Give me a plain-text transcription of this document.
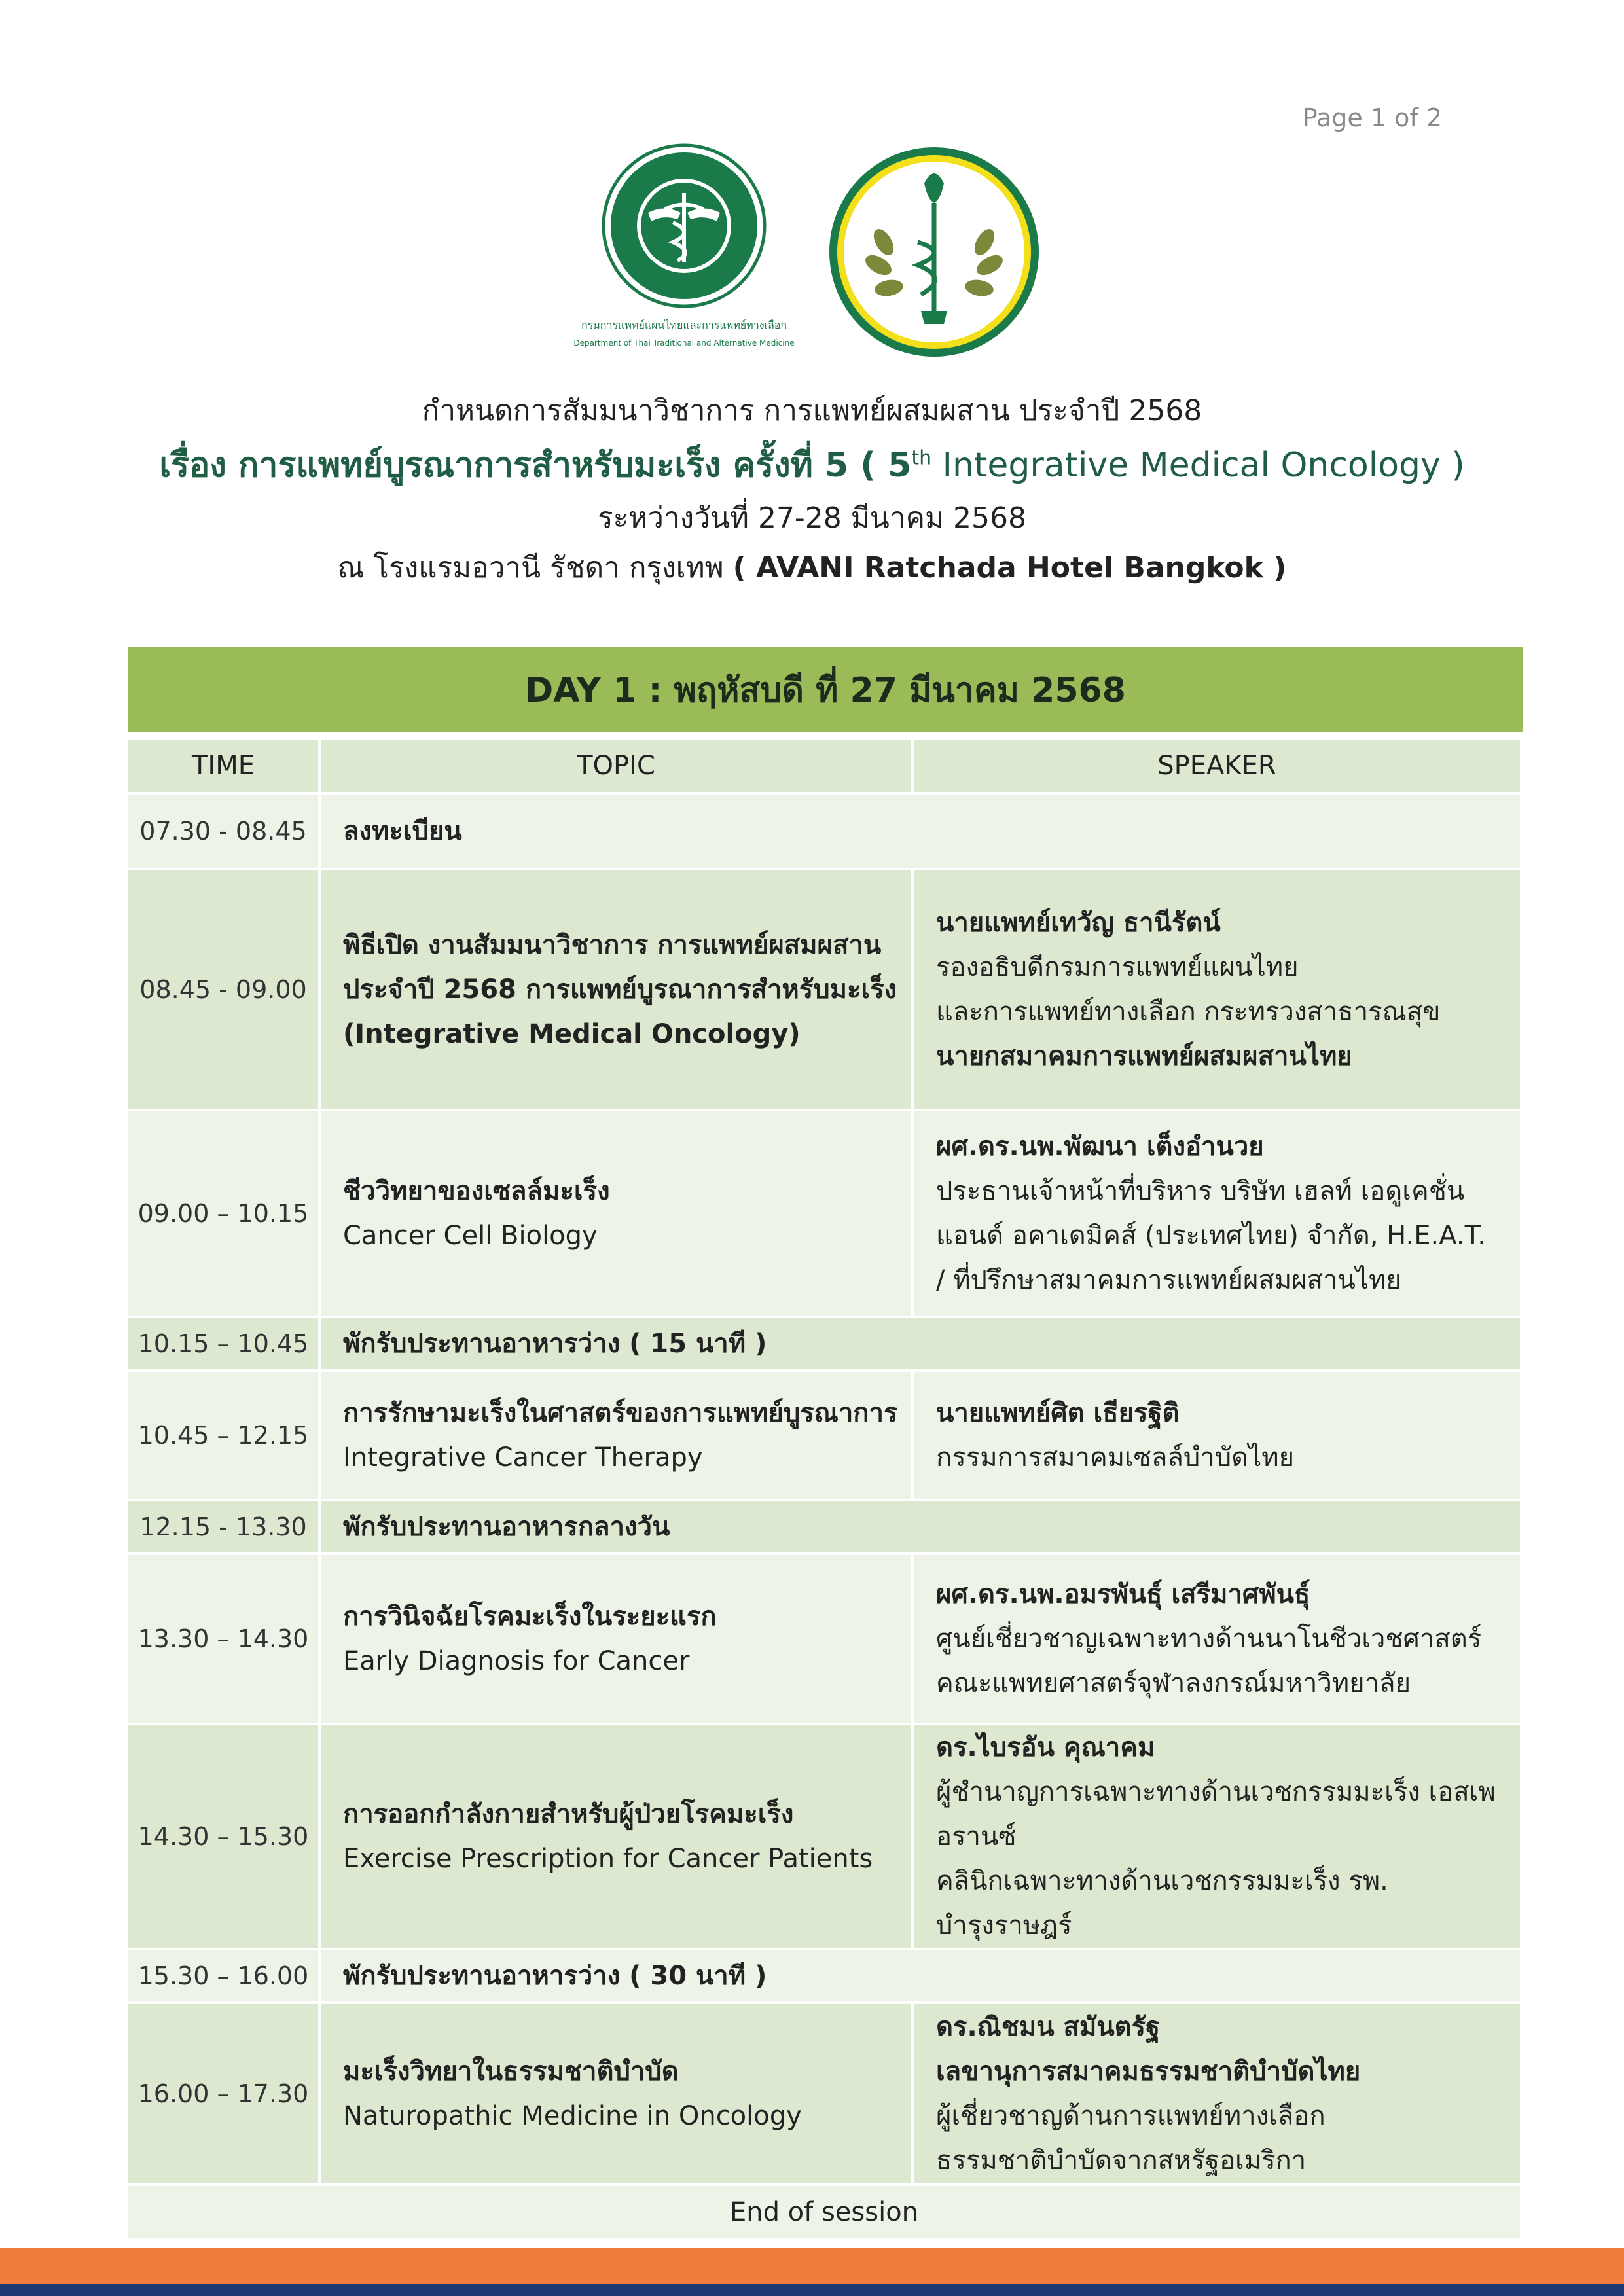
Page 1 of 2
กรมการแพทย์แผนไทยและการแพทย์ทางเลือก
Department of Thai Traditional and Alternative Medicine
กำหนดการสัมมนาวิชาการ การแพทย์ผสมผสาน ประจำปี 2568
เรื่อง การแพทย์บูรณาการสำหรับมะเร็ง ครั้งที่ 5 ( 5th Integrative Medical Oncology )
ระหว่างวันที่ 27-28 มีนาคม 2568
ณ โรงแรมอวานี รัชดา กรุงเทพ ( AVANI Ratchada Hotel Bangkok )
DAY 1 : พฤหัสบดี ที่ 27 มีนาคม 2568
TIME	TOPIC	SPEAKER
07.30 - 08.45	ลงทะเบียน	

08.45 - 09.00	พิธีเปิด งานสัมมนาวิชาการ การแพทย์ผสมผสาน
ประจำปี 2568 การแพทย์บูรณาการสำหรับมะเร็ง
(Integrative Medical Oncology)	นายแพทย์เทวัญ ธานีรัตน์
รองอธิบดีกรมการแพทย์แผนไทย
และการแพทย์ทางเลือก กระทรวงสาธารณสุข
นายกสมาคมการแพทย์ผสมผสานไทย

09.00 – 10.15	ชีววิทยาของเซลล์มะเร็ง
Cancer Cell Biology	ผศ.ดร.นพ.พัฒนา เต็งอำนวย
ประธานเจ้าหน้าที่บริหาร บริษัท เฮลท์ เอดูเคชั่น
แอนด์ อคาเดมิคส์ (ประเทศไทย) จำกัด, H.E.A.T.
/ ที่ปรึกษาสมาคมการแพทย์ผสมผสานไทย

10.15 – 10.45	พักรับประทานอาหารว่าง ( 15 นาที )	

10.45 – 12.15	การรักษามะเร็งในศาสตร์ของการแพทย์บูรณาการ
Integrative Cancer Therapy	นายแพทย์ศิต เธียรฐิติ
กรรมการสมาคมเซลล์บำบัดไทย

12.15 - 13.30	พักรับประทานอาหารกลางวัน	

13.30 – 14.30	การวินิจฉัยโรคมะเร็งในระยะแรก
Early Diagnosis for Cancer	ผศ.ดร.นพ.อมรพันธุ์ เสรีมาศพันธุ์
ศูนย์เชี่ยวชาญเฉพาะทางด้านนาโนชีวเวชศาสตร์
คณะแพทยศาสตร์จุฬาลงกรณ์มหาวิทยาลัย

14.30 – 15.30	การออกกำลังกายสำหรับผู้ป่วยโรคมะเร็ง
Exercise Prescription for Cancer Patients	ดร.ไบรอัน คุณาคม
ผู้ชำนาญการเฉพาะทางด้านเวชกรรมมะเร็ง เอสเพอรานซ์
คลินิกเฉพาะทางด้านเวชกรรมมะเร็ง รพ. บำรุงราษฎร์

15.30 – 16.00	พักรับประทานอาหารว่าง ( 30 นาที )	

16.00 – 17.30	มะเร็งวิทยาในธรรมชาติบำบัด
Naturopathic Medicine in Oncology	ดร.ณิชมน สมันตรัฐ
เลขานุการสมาคมธรรมชาติบำบัดไทย
ผู้เชี่ยวชาญด้านการแพทย์ทางเลือก
ธรรมชาติบำบัดจากสหรัฐอเมริกา

End of session		
